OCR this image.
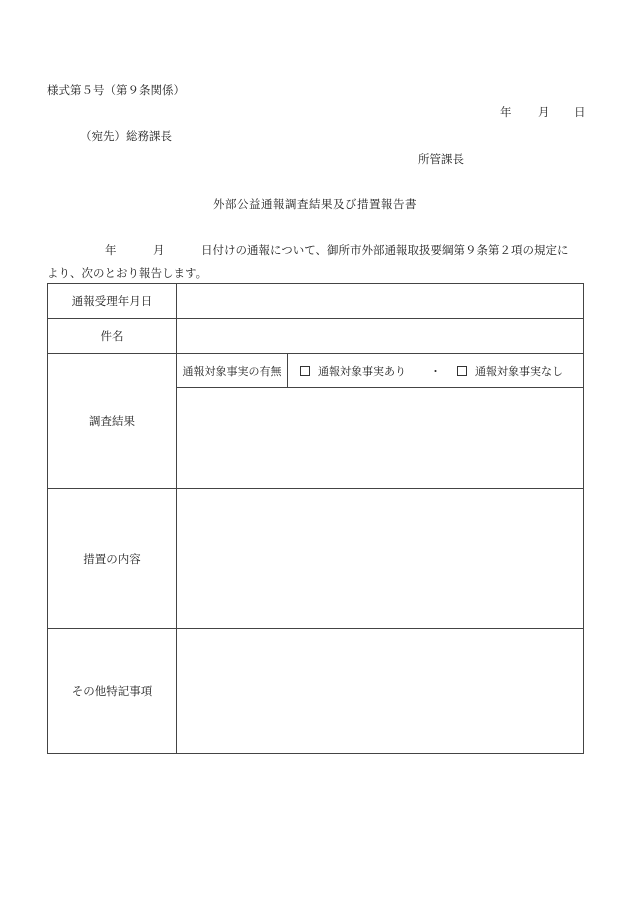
様式第５号（第９条関係）
年 月 日
（宛先）総務課長
所管課長
外部公益通報調査結果及び措置報告書
年	月	日付けの通報について、御所市外部通報取扱要綱第９条第２項の規定に
より、次のとおり報告します。
通報受理年月日	
件名	
調査結果	通報対象事実の有無 通報対象事実あり ・ 通報対象事実なし

措置の内容	
その他特記事項	
